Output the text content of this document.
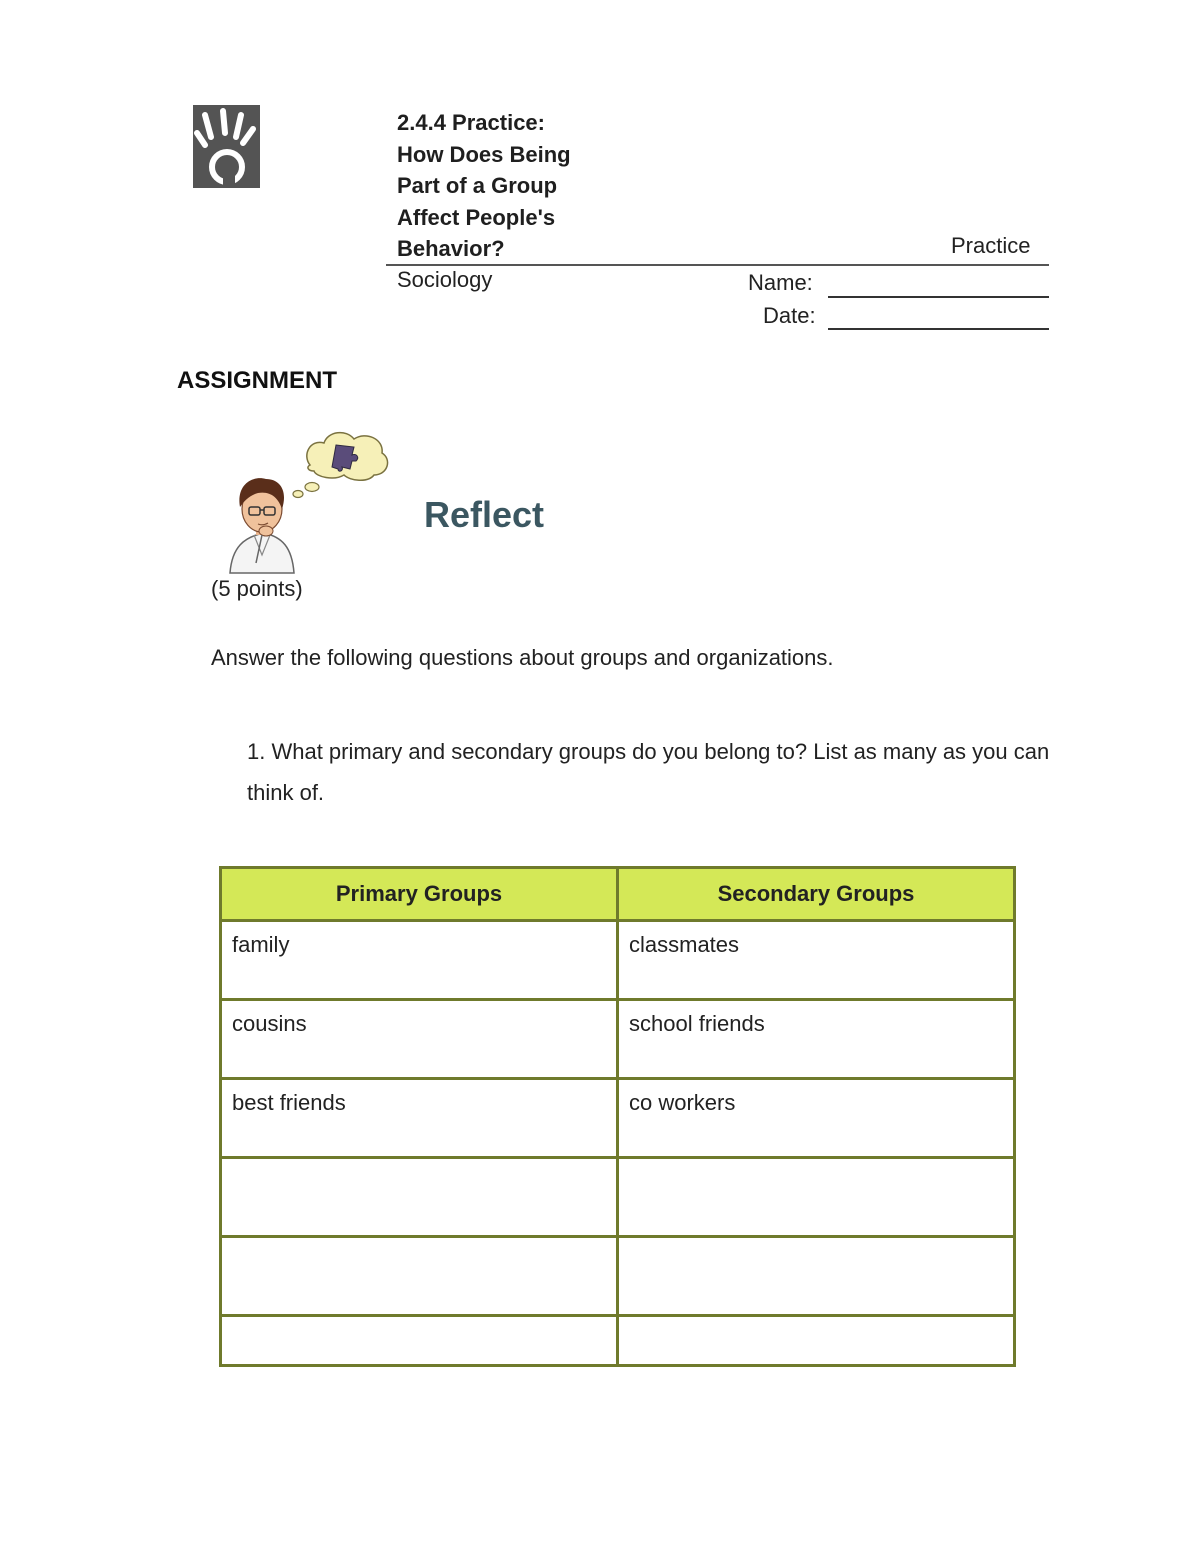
2.4.4 Practice:
How Does Being
Part of a Group
Affect People's
Behavior?	Practice
Sociology	Name:
Date:
ASSIGNMENT
Reflect
(5 points)
Answer the following questions about groups and organizations.
1. What primary and secondary groups do you belong to? List as many as you can think of.
Primary Groups	Secondary Groups
family	classmates
cousins	school friends
best friends	co workers
